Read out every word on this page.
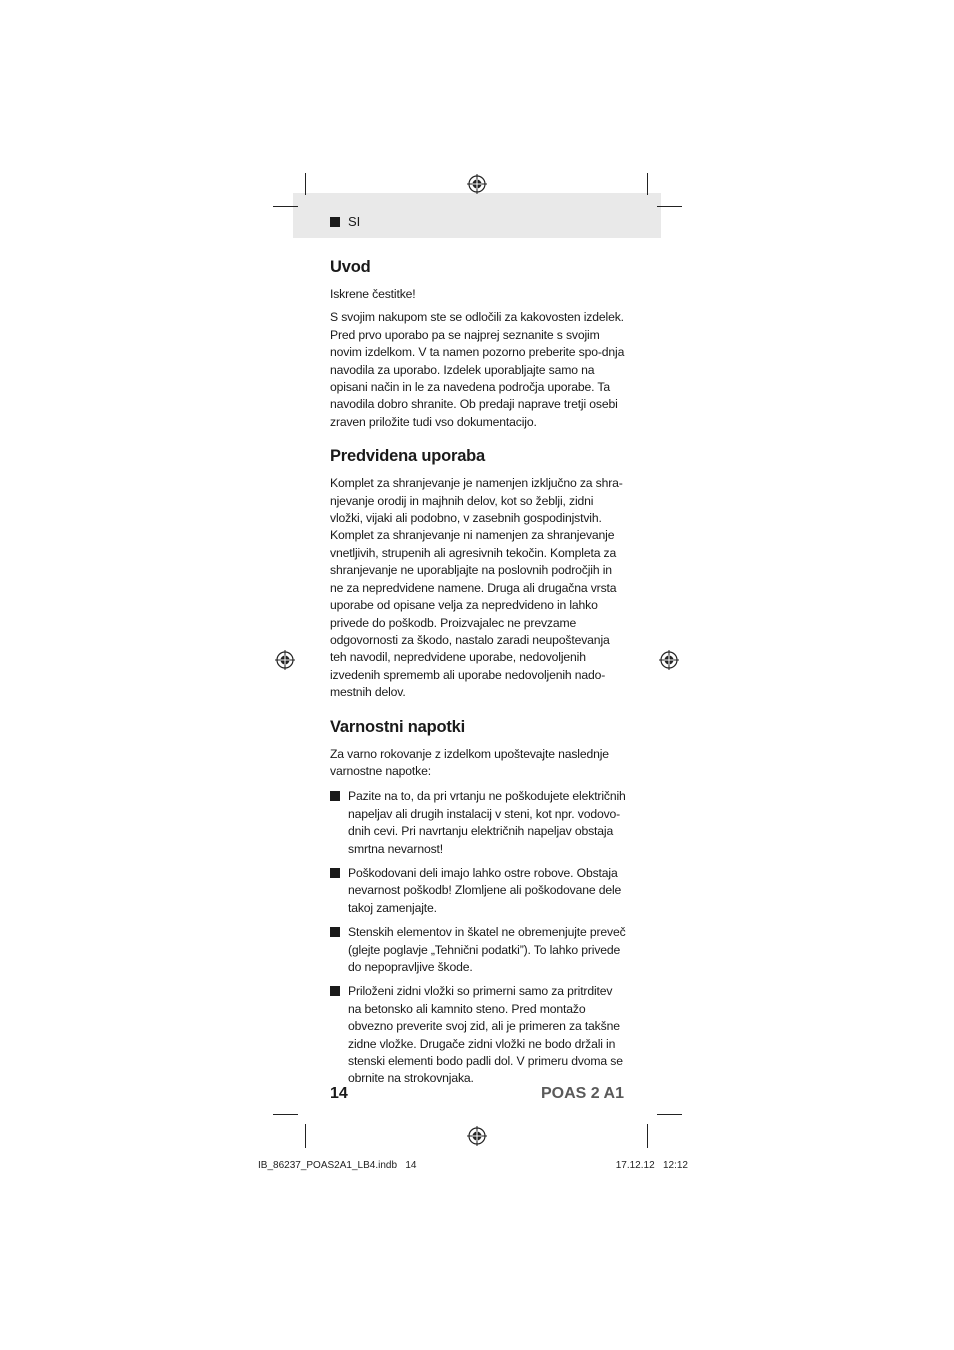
SI
Uvod

Iskrene čestitke!

S svojim nakupom ste se odločili za kakovosten izdelek. Pred prvo uporabo pa se najprej seznanite s svojim novim izdelkom. V ta namen pozorno preberite spo-dnja navodila za uporabo. Izdelek uporabljajte samo na opisani način in le za navedena področja uporabe. Ta navodila dobro shranite. Ob predaji naprave tretji osebi zraven priložite tudi vso dokumentacijo.

Predvidena uporaba

Komplet za shranjevanje je namenjen izključno za shra-njevanje orodij in majhnih delov, kot so žeblji, zidni vložki, vijaki ali podobno, v zasebnih gospodinjstvih. Komplet za shranjevanje ni namenjen za shranjevanje vnetljivih, strupenih ali agresivnih tekočin. Kompleta za shranjevanje ne uporabljajte na poslovnih področjih in ne za nepredvidene namene. Druga ali drugačna vrsta uporabe od opisane velja za nepredvideno in lahko privede do poškodb. Proizvajalec ne prevzame odgovornosti za škodo, nastalo zaradi neupoštevanja teh navodil, nepredvidene uporabe, nedovoljenih izvedenih sprememb ali uporabe nedovoljenih nado-mestnih delov.

Varnostni napotki

Za varno rokovanje z izdelkom upoštevajte naslednje varnostne napotke:

Pazite na to, da pri vrtanju ne poškodujete električnih napeljav ali drugih instalacij v steni, kot npr. vodovo-dnih cevi. Pri navrtanju električnih napeljav obstaja smrtna nevarnost!
Poškodovani deli imajo lahko ostre robove. Obstaja nevarnost poškodb! Zlomljene ali poškodovane dele takoj zamenjajte.
Stenskih elementov in škatel ne obremenjujte preveč (glejte poglavje „Tehnični podatki”). To lahko privede do nepopravljive škode.
Priloženi zidni vložki so primerni samo za pritrditev na betonsko ali kamnito steno. Pred montažo obvezno preverite svoj zid, ali je primeren za takšne zidne vložke. Drugače zidni vložki ne bodo držali in stenski elementi bodo padli dol. V primeru dvoma se obrnite na strokovnjaka.
14	POAS 2 A1
IB_86237_POAS2A1_LB4.indb   14	17.12.12   12:12
